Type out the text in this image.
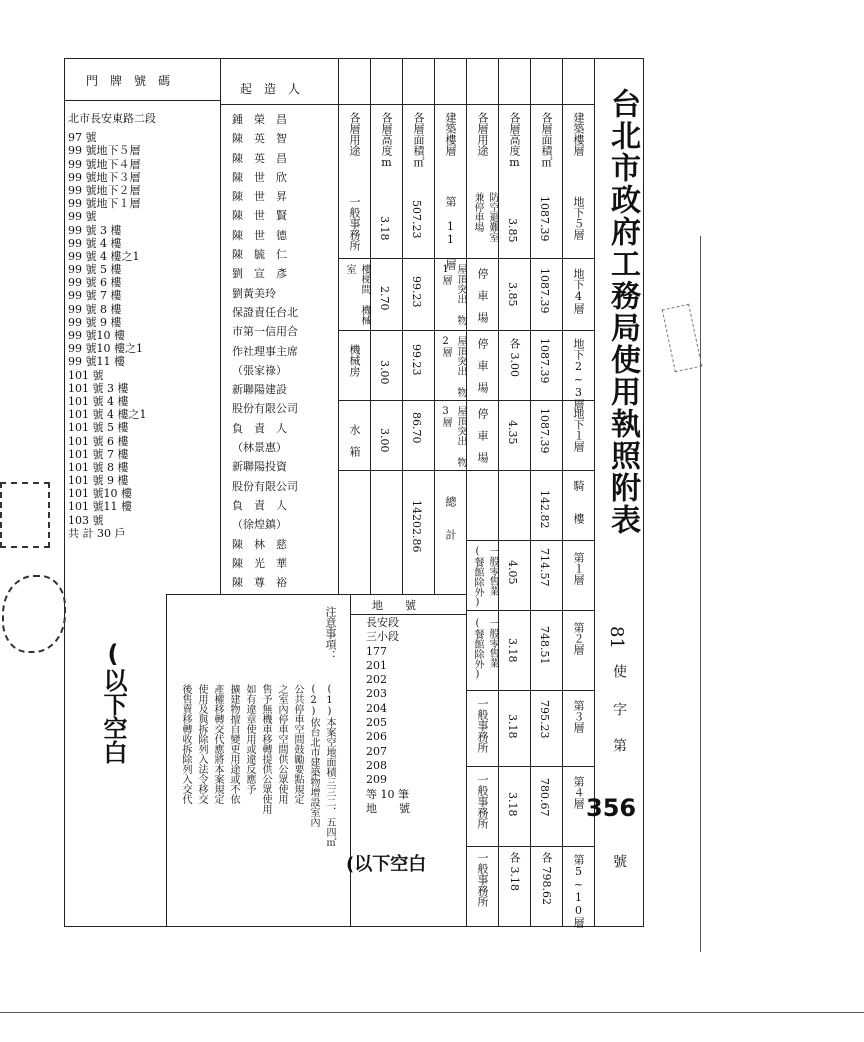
台北市政府工務局使用執照附表
81
使
字
第
356
號
門　牌　號　碼
起　造　人
北市長安東路二段
97 號
99 號地下５層
99 號地下４層
99 號地下３層
99 號地下２層
99 號地下１層
99 號
99 號 3 樓
99 號 4 樓
99 號 4 樓之1
99 號 5 樓
99 號 6 樓
99 號 7 樓
99 號 8 樓
99 號 9 樓
99 號10 樓
99 號10 樓之1
99 號11 樓
101 號
101 號 3 樓
101 號 4 樓
101 號 4 樓之1
101 號 5 樓
101 號 6 樓
101 號 7 樓
101 號 8 樓
101 號 9 樓
101 號10 樓
101 號11 樓
103 號
共 計 30 戶
(以下空白
鍾　榮　昌
陳　英　智
陳　英　昌
陳　世　欣
陳　世　昇
陳　世　賢
陳　世　德
陳　毓　仁
劉　宣　彥
劉黃美玲
保證責任台北
市第一信用合
作社理事主席
（張家祿）
新聯陽建設
股份有限公司
負　責　人
（林景惠）
新聯陽投資
股份有限公司
負　責　人
（徐煌鎮）
陳　林　慈
陳　光　華
陳　尊　裕
建築樓層
各層面積㎡
各層高度m
各層用途
建築樓層
各層面積㎡
各層高度m
各層用途
地下５層
1087.39
3.85
防空避難室 兼停車場
地下4層
1087.39
3.85
停　車　場
地下2~3層
1087.39
各 3.00
停　車　場
地下１層
1087.39
4.35
停　車　場
騎　　樓
142.82
第１層
714.57
4.05
一般零售業 (餐館除外)
第２層
748.51
3.18
一般零售業 (餐館除外)
第３層
795.23
3.18
一般事務所
第４層
780.67
3.18
一般事務所
第5~10層
各 798.62
各 3.18
一般事務所
第 11 層
507.23
3.18
一般事務所
屋頂突出 物1層
99.23
2.70
樓梯間 機械室
屋頂突出 物2層
99.23
3.00
機械房
屋頂突出 物3層
86.70
3.00
水　箱
總　　計
14202.86
地　　號
長安段
三小段
177
201
202
203
204
205
206
207
208
209
等 10 筆
地　　號
注意事項：
(1)本案空地面積三三二．五四㎡
(2)依台北市建築物增設室內
公共停車空間鼓勵要點規定
之室內停車空間供公眾使用
售予無機車移轉提供公眾使用
如有違章使用或違反應予
擴建物擅自變更用途或不依
產權移轉交代應將本案規定
使用及與拆除列入法令移交
後售賣移轉收拆除列入交代
(以下空白
